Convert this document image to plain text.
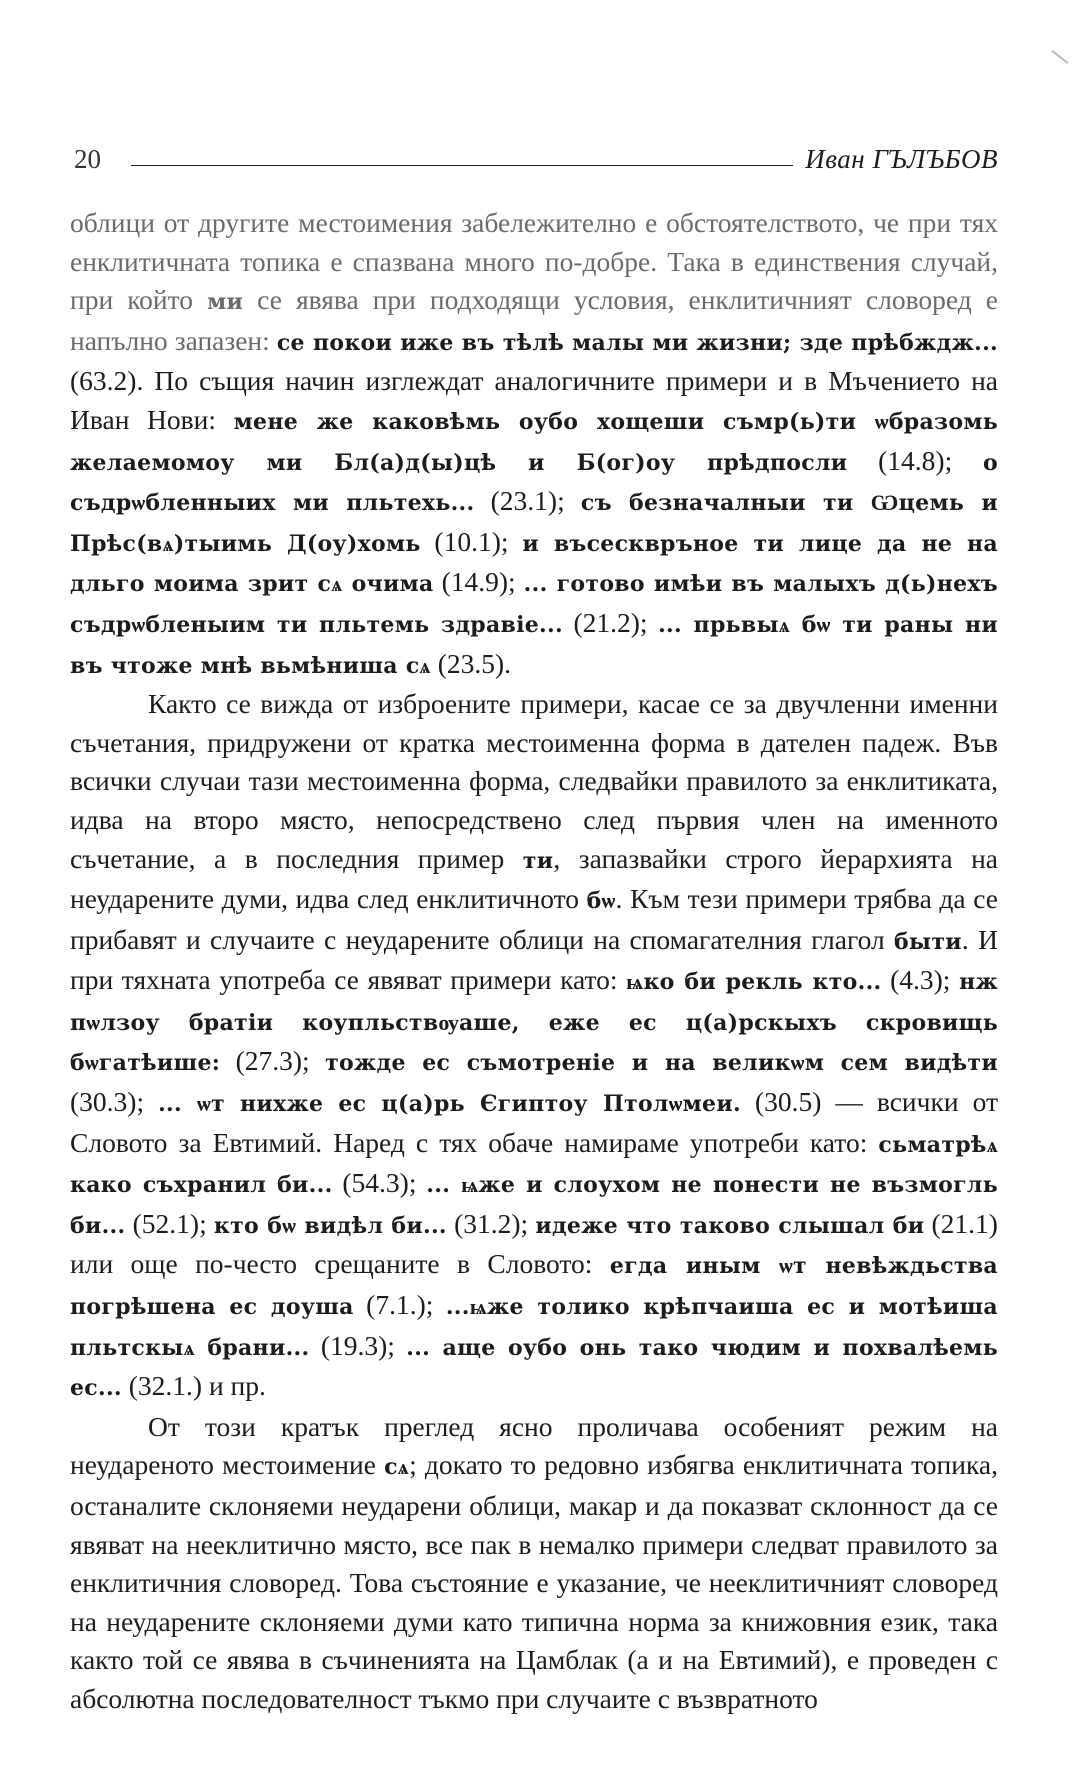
20	Иван ГЪЛЪБОВ

облици от другите местоимения забележително е обстоятелството, че при тях енклитичната топика е спазвана много по-добре. Така в единствения случай, при който ми се явява при подходящи условия, енклитичният словоред е напълно запазен: се покои иже въ тѣлѣ малы ми жизни; зде прѣбждж... (63.2). По същия начин изглеждат аналогичните примери и в Мъчението на Иван Нови: мене же каковѣмь оубо хощеши съмр(ь)ти ѡбразомь желаемомоу ми Бл(а)д(ы)цѣ и Б(ог)оу прѣдпосли (14.8); о съдрѡбленныих ми пльтехь... (23.1); съ безначалныи ти Ѡцемь и Прѣс(вѧ)тыимь Д(оу)хомь (10.1); и въсесквръное ти лице да не на дльго моима зрит сѧ очима (14.9); ... готово имѣи въ малыхъ д(ь)нехъ съдрѡбленыим ти пльтемь здравіе... (21.2); ... прьвыѧ бѡ ти раны ни въ чтоже мнѣ вьмѣниша сѧ (23.5).

Както се вижда от изброените примери, касае се за двучленни именни съчетания, придружени от кратка местоименна форма в дателен падеж. Във всички случаи тази местоименна форма, следвайки правилото за енклитиката, идва на второ място, непосредствено след първия член на именното съчетание, а в последния пример ти, запазвайки строго йерархията на неударените думи, идва след енклитичното бѡ. Към тези примери трябва да се прибавят и случаите с неударените облици на спомагателния глагол быти. И при тяхната употреба се явяват примери като: ѩко би рекль кто... (4.3); нж пѡлзоу братіи коупльствѹаше, еже ес ц(а)рскыхъ скровищь бѡгатѣише: (27.3); тожде ес съмотреніе и на великѡм сем видѣти (30.3); ... ѡт нихже ес ц(а)рь Єгиптоу Птолѡмеи. (30.5) — всички от Словото за Евтимий. Наред с тях обаче намираме употреби като: сьматрѣѧ како съхранил би... (54.3); ... ѩже и слоухом не понести не възмогль би... (52.1); кто бѡ видѣл би... (31.2); идеже что таково слышал би (21.1) или още по-често срещаните в Словото: егда иным ѡт невѣждьства погрѣшена ес доуша (7.1.); ...ѩже толико крѣпчаиша ес и мотѣиша пльтскыѧ брани... (19.3); ... аще оубо онь тако чюдим и похвалѣемь ес... (32.1.) и пр.

От този кратък преглед ясно проличава особеният режим на неударeното местоимение сѧ; докато то редовно избягва енклитичната топика, останалите склоняеми неударени облици, макар и да показват склонност да се явяват на нееклитично място, все пак в немалко примери следват правилото за енклитичния словоред. Това състояние е указание, че нееклитичният словоред на неударените склоняеми думи като типична норма за книжовния език, така както той се явява в съчиненията на Цамблак (а и на Евтимий), е проведен с абсолютна последователност тъкмо при случаите с възвратното
